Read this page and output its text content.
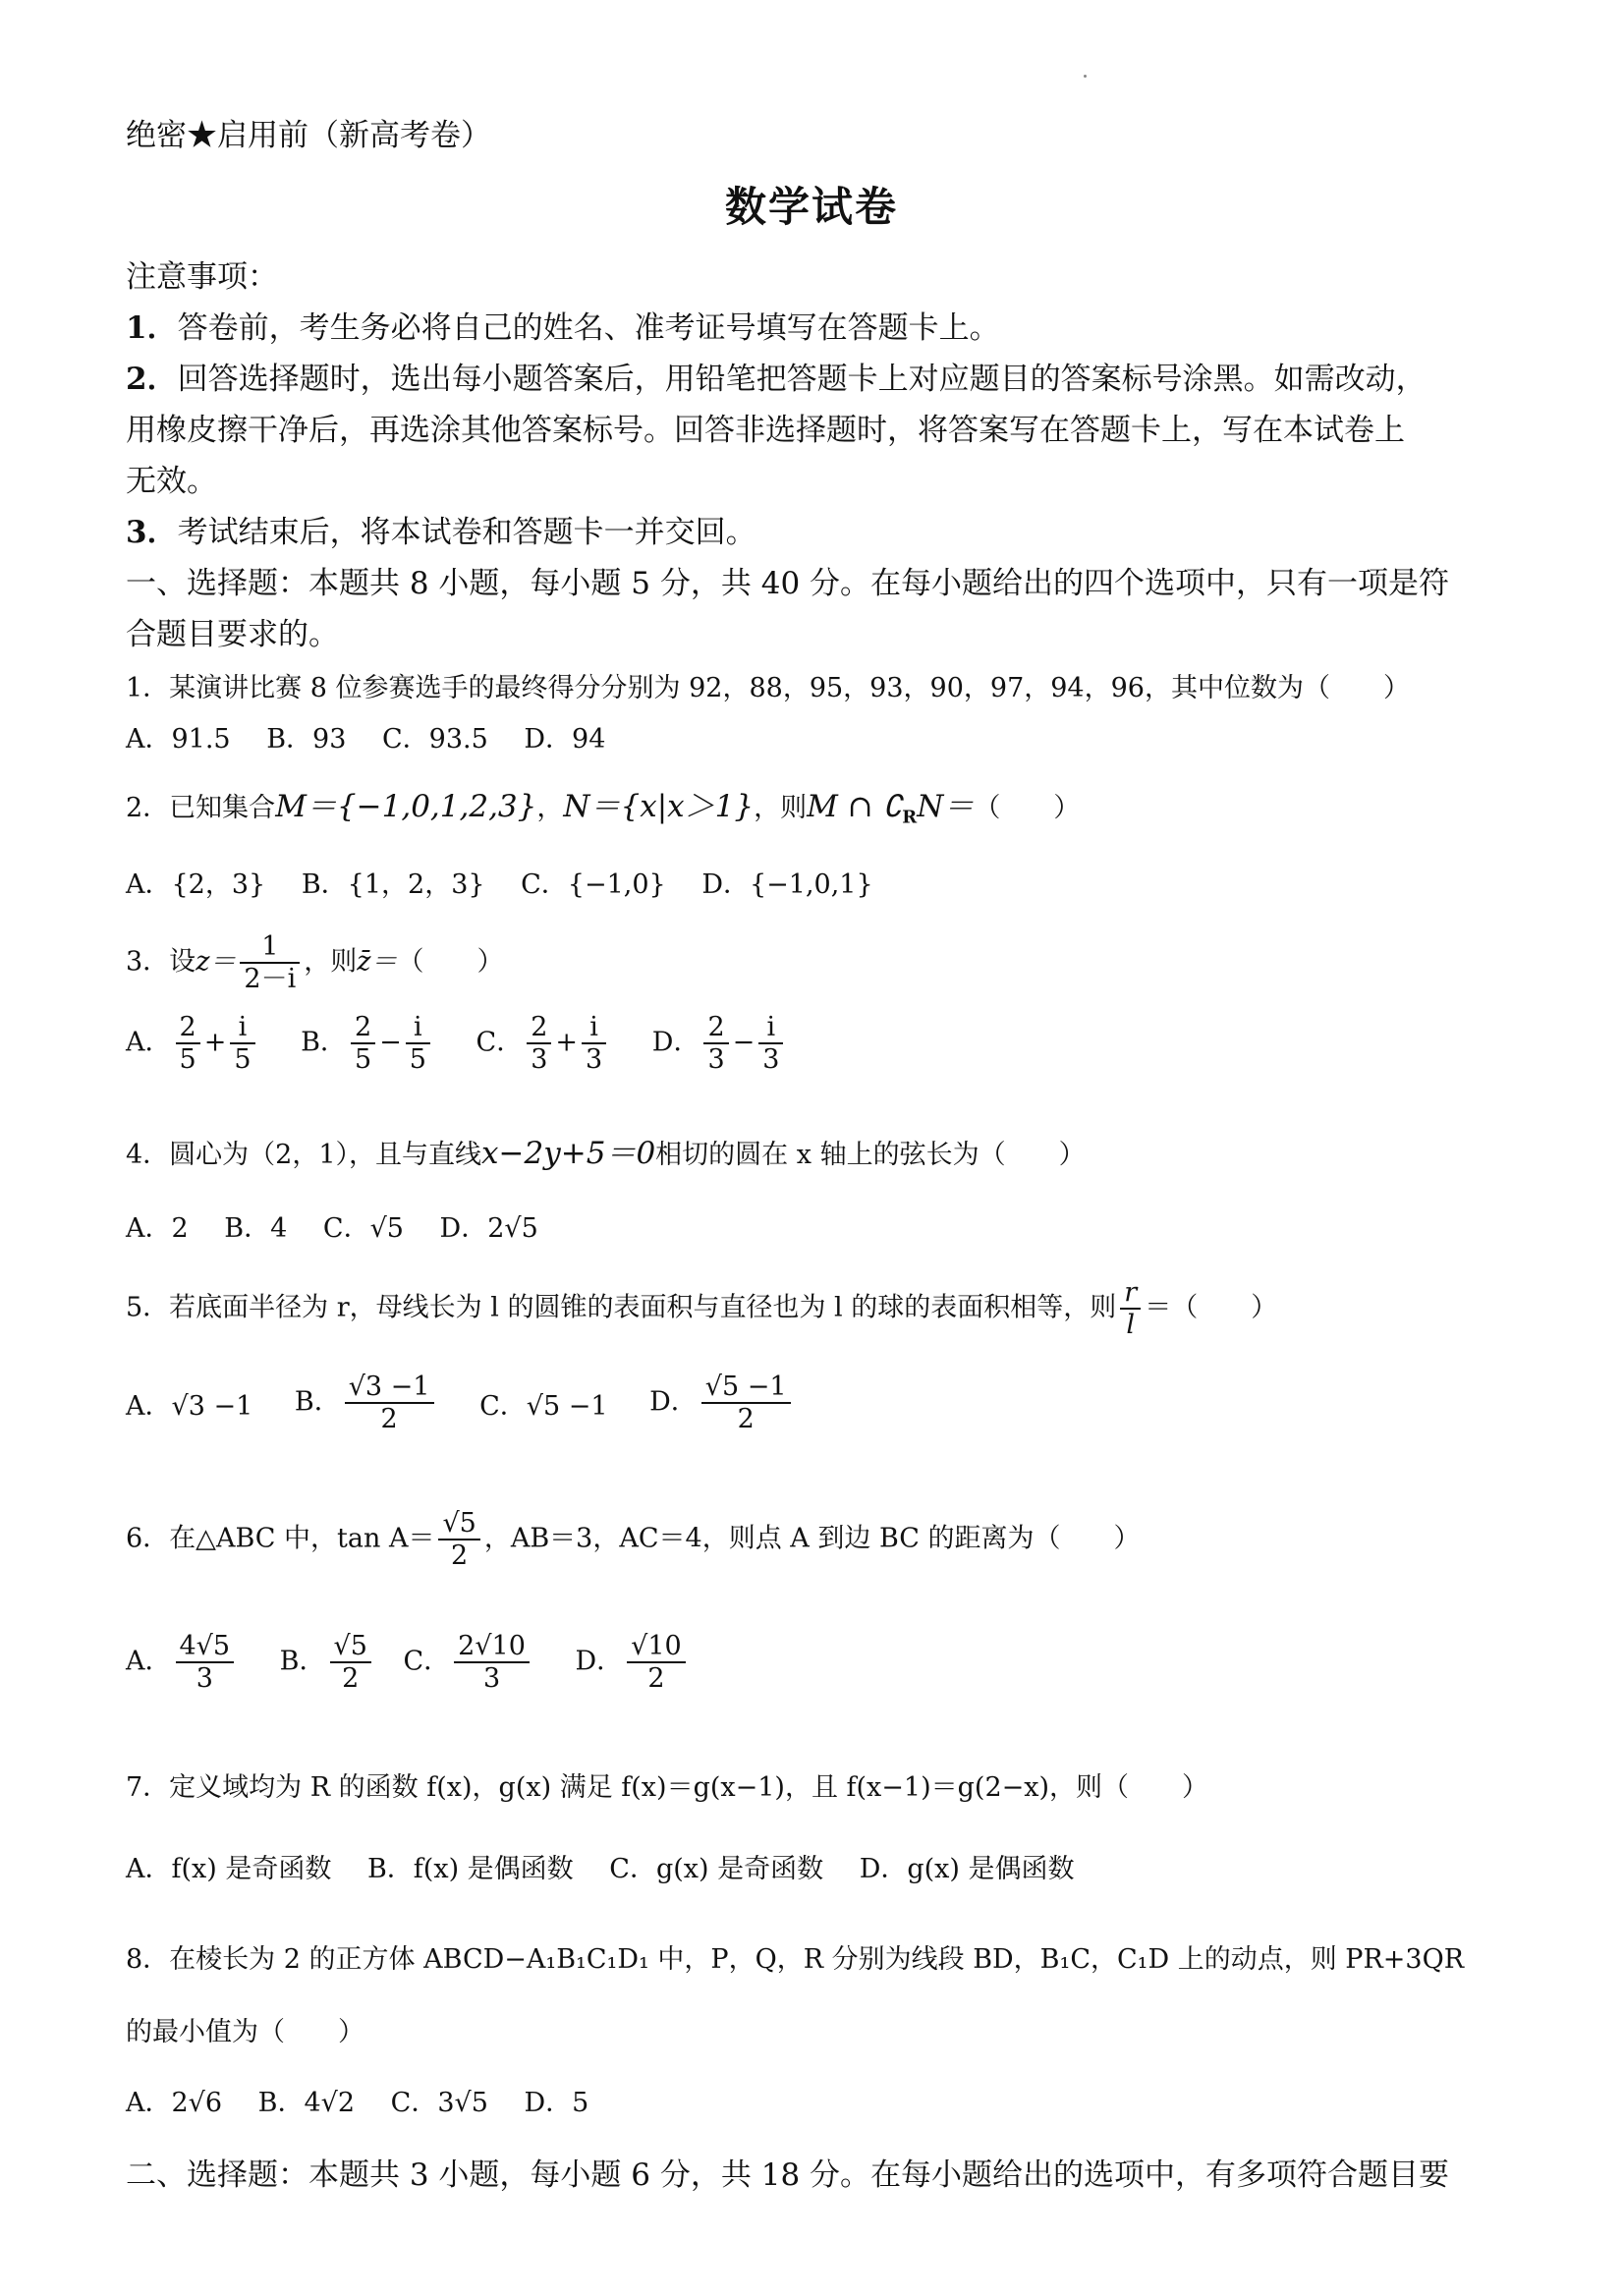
绝密★启用前（新高考卷）
数学试卷
注意事项：
1．答卷前，考生务必将自己的姓名、准考证号填写在答题卡上。
2．回答选择题时，选出每小题答案后，用铅笔把答题卡上对应题目的答案标号涂黑。如需改动，
用橡皮擦干净后，再选涂其他答案标号。回答非选择题时，将答案写在答题卡上，写在本试卷上
无效。
3．考试结束后，将本试卷和答题卡一并交回。
一、选择题：本题共 8 小题，每小题 5 分，共 40 分。在每小题给出的四个选项中，只有一项是符
合题目要求的。
1．某演讲比赛 8 位参赛选手的最终得分分别为 92，88，95，93，90，97，94，96，其中位数为（　　）
A．91.5 B．93 C．93.5 D．94
2．已知集合M＝{−1,0,1,2,3}，N＝{x|x＞1}，则M ∩ $∁_RN=$（　　）
A．{2，3} B．{1，2，3} C．{−1,0} D．{−1,0,1}
3．设$z= \frac{1}{2-i}$ ，则z̄＝（　　）
A． $\frac{2}{5} + \frac{i}{5}$ B． $\frac{2}{5} - \frac{i}{5}$ C． $\frac{2}{3} + \frac{i}{3}$ D． $\frac{2}{3} - \frac{i}{3}$
4．圆心为（2，1），且与直线x−2y+5＝0相切的圆在 x 轴上的弦长为（　　）
A．2 B．4 C．√5 D．2√5
5．若底面半径为 r，母线长为 l 的圆锥的表面积与直径也为 l 的球的表面积相等，则 $\frac{r}{l}$ ＝（　　）
A．√3 −1 B． $\frac{√3 -1}{2}$ C．√5 −1 D． $\frac{√5 -1}{2}$
6．在△ABC 中，$\tan A= \frac{√5}{2}$ ，AB＝3，AC＝4，则点 A 到边 BC 的距离为（　　）
A． $\frac{4√5}{3}$ B． $\frac{√5}{2}$ C． $\frac{2√10}{3}$ D． $\frac{√10}{2}$
7．定义域均为 R 的函数 f(x)，g(x) 满足 f(x)＝g(x−1)，且 f(x−1)＝g(2−x)，则（　　）
A．f(x) 是奇函数 B．f(x) 是偶函数 C．g(x) 是奇函数 D．g(x) 是偶函数
8．在棱长为 2 的正方体 ABCD−A₁B₁C₁D₁ 中，P，Q，R 分别为线段 BD，B₁C，C₁D 上的动点，则 PR+3QR
的最小值为（　　）
A．2√6 B．4√2 C．3√5 D．5
二、选择题：本题共 3 小题，每小题 6 分，共 18 分。在每小题给出的选项中，有多项符合题目要
